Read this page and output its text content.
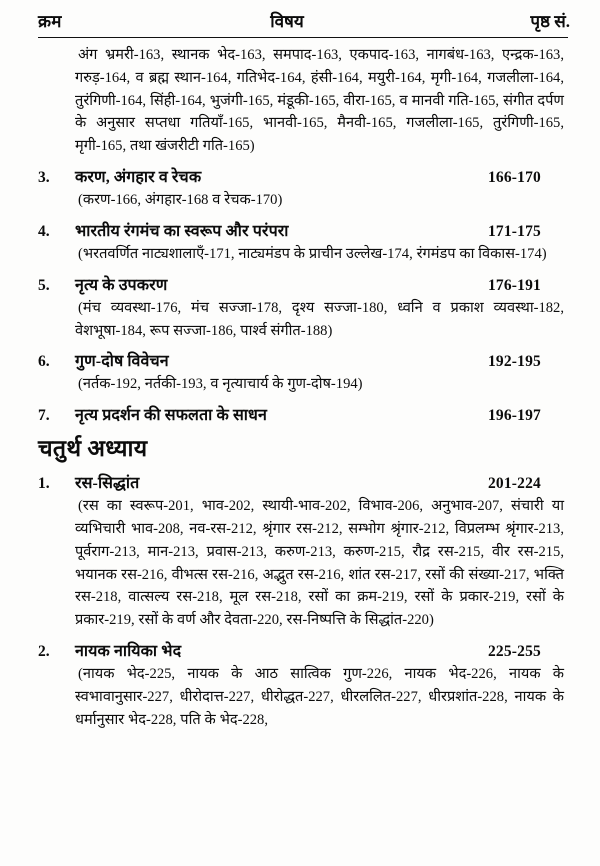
क्रम	विषय	पृष्ठ सं.

अंग भ्रमरी-163, स्थानक भेद-163, समपाद-163, एकपाद-163, नागबंध-163, एन्द्रक-163, गरुड़-164, व ब्रह्म स्थान-164, गतिभेद-164, हंसी-164, मयुरी-164, मृगी-164, गजलीला-164, तुरंगिणी-164, सिंही-164, भुजंगी-165, मंडूकी-165, वीरा-165, व मानवी गति-165, संगीत दर्पण के अनुसार सप्तधा गतियाँ-165, भानवी-165, मैनवी-165, गजलीला-165, तुरंगिणी-165, मृगी-165, तथा खंजरीटी गति-165)

3.	करण, अंगहार व रेचक	166-170

(करण-166, अंगहार-168 व रेचक-170)

4.	भारतीय रंगमंच का स्वरूप और परंपरा	171-175

(भरतवर्णित नाट्यशालाएँ-171, नाट्यमंडप के प्राचीन उल्लेख-174, रंगमंडप का विकास-174)

5.	नृत्य के उपकरण	176-191

(मंच व्यवस्था-176, मंच सज्जा-178, दृश्य सज्जा-180, ध्वनि व प्रकाश व्यवस्था-182, वेशभूषा-184, रूप सज्जा-186, पार्श्व संगीत-188)

6.	गुण-दोष विवेचन	192-195

(नर्तक-192, नर्तकी-193, व नृत्याचार्य के गुण-दोष-194)

7.	नृत्य प्रदर्शन की सफलता के साधन	196-197
चतुर्थ अध्याय
1.	रस-सिद्धांत	201-224

(रस का स्वरूप-201, भाव-202, स्थायी-भाव-202, विभाव-206, अनुभाव-207, संचारी या व्यभिचारी भाव-208, नव-रस-212, श्रृंगार रस-212, सम्भोग श्रृंगार-212, विप्रलम्भ श्रृंगार-213, पूर्वराग-213, मान-213, प्रवास-213, करुण-213, करुण-215, रौद्र रस-215, वीर रस-215, भयानक रस-216, वीभत्स रस-216, अद्भुत रस-216, शांत रस-217, रसों की संख्या-217, भक्ति रस-218, वात्सल्य रस-218, मूल रस-218, रसों का क्रम-219, रसों के प्रकार-219, रसों के प्रकार-219, रसों के वर्ण और देवता-220, रस-निष्पत्ति के सिद्धांत-220)

2.	नायक नायिका भेद	225-255

(नायक भेद-225, नायक के आठ सात्विक गुण-226, नायक भेद-226, नायक के स्वभावानुसार-227, धीरोदात्त-227, धीरोद्धत-227, धीरललित-227, धीरप्रशांत-228, नायक के धर्मानुसार भेद-228, पति के भेद-228,
